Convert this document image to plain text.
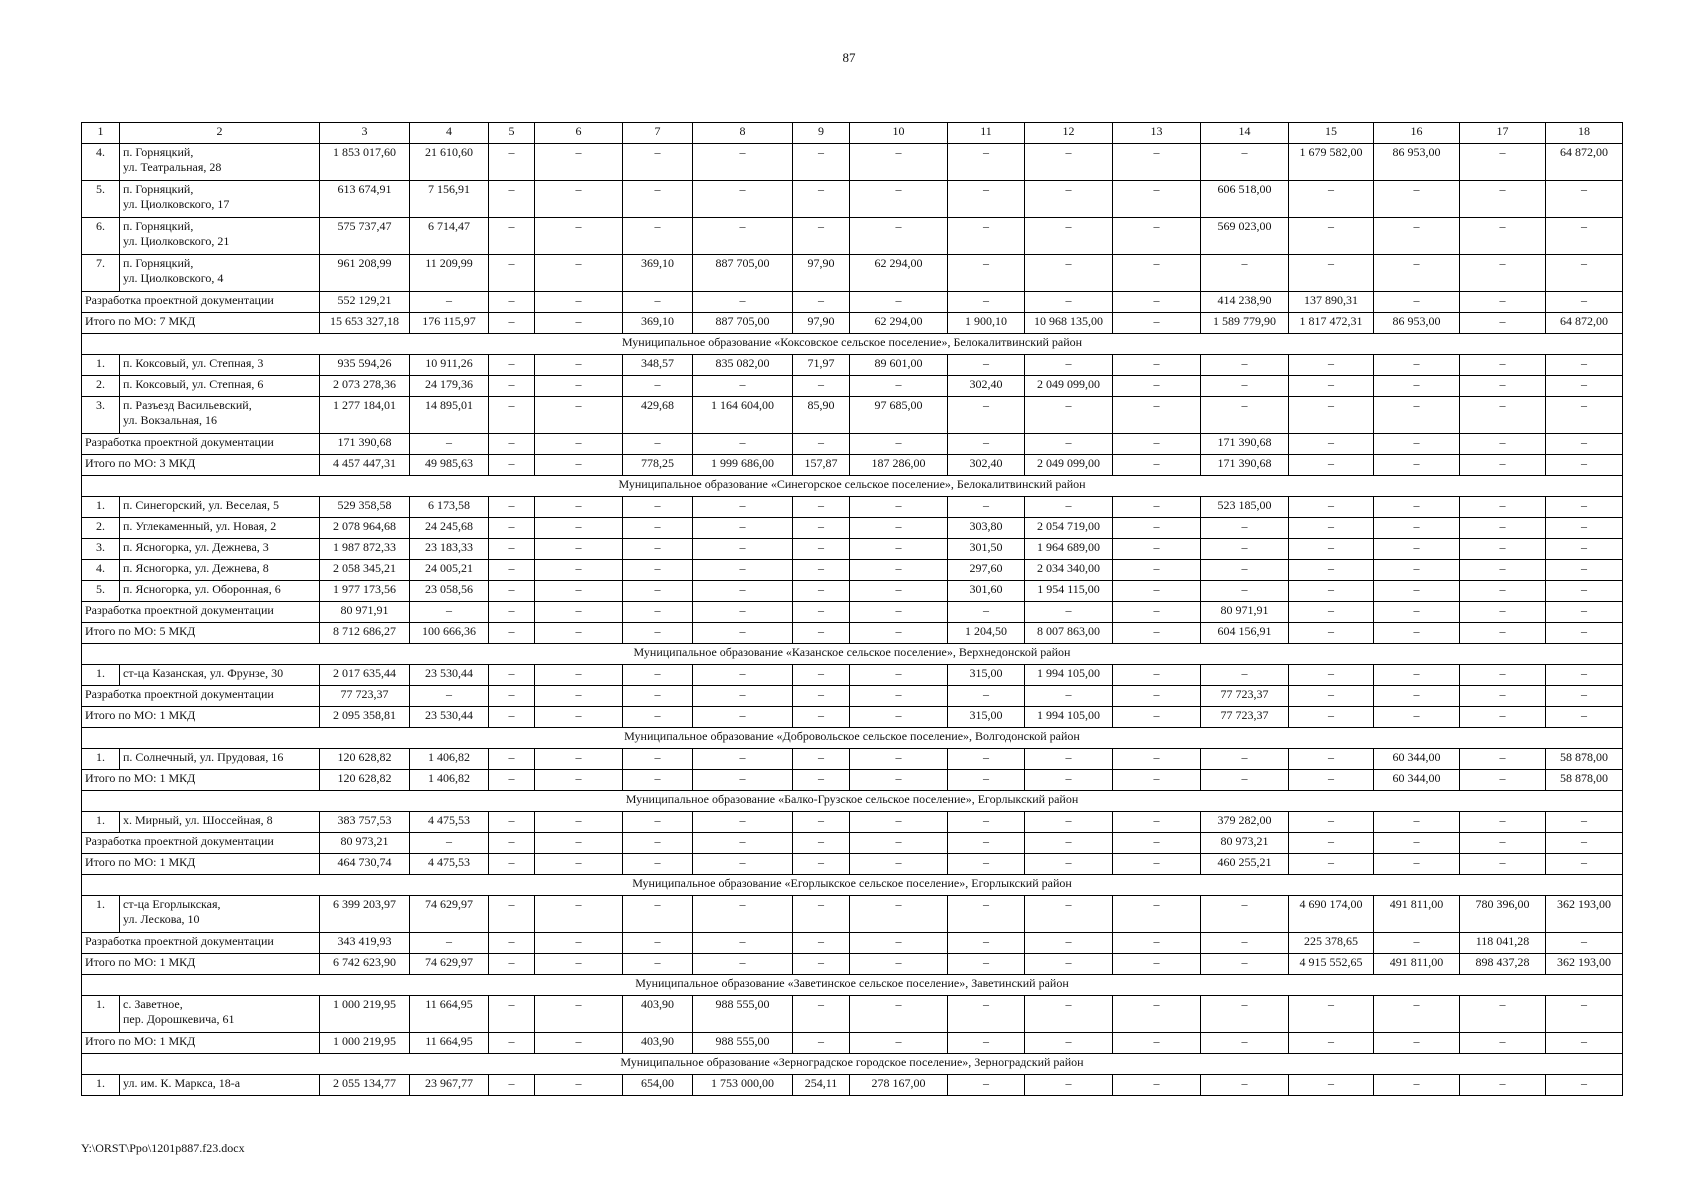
87
1	2	3	4	5	6	7	8	9	10	11	12	13	14	15	16	17	18
4.	п. Горняцкий,
ул. Театральная, 28	1 853 017,60	21 610,60	–	–	–	–	–	–	–	–	–	–	1 679 582,00	86 953,00	–	64 872,00
5.	п. Горняцкий,
ул. Циолковского, 17	613 674,91	7 156,91	–	–	–	–	–	–	–	–	–	606 518,00	–	–	–	–
6.	п. Горняцкий,
ул. Циолковского, 21	575 737,47	6 714,47	–	–	–	–	–	–	–	–	–	569 023,00	–	–	–	–
7.	п. Горняцкий,
ул. Циолковского, 4	961 208,99	11 209,99	–	–	369,10	887 705,00	97,90	62 294,00	–	–	–	–	–	–	–	–
Разработка проектной документации		552 129,21	–	–	–	–	–	–	–	–	–	–	414 238,90	137 890,31	–	–	–
Итого по МО: 7 МКД		15 653 327,18	176 115,97	–	–	369,10	887 705,00	97,90	62 294,00	1 900,10	10 968 135,00	–	1 589 779,90	1 817 472,31	86 953,00	–	64 872,00
Муниципальное образование «Коксовское сельское поселение», Белокалитвинский район																	
1.	п. Коксовый, ул. Степная, 3	935 594,26	10 911,26	–	–	348,57	835 082,00	71,97	89 601,00	–	–	–	–	–	–	–	–
2.	п. Коксовый, ул. Степная, 6	2 073 278,36	24 179,36	–	–	–	–	–	–	302,40	2 049 099,00	–	–	–	–	–	–
3.	п. Разъезд Васильевский,
ул. Вокзальная, 16	1 277 184,01	14 895,01	–	–	429,68	1 164 604,00	85,90	97 685,00	–	–	–	–	–	–	–	–
Разработка проектной документации		171 390,68	–	–	–	–	–	–	–	–	–	–	171 390,68	–	–	–	–
Итого по МО: 3 МКД		4 457 447,31	49 985,63	–	–	778,25	1 999 686,00	157,87	187 286,00	302,40	2 049 099,00	–	171 390,68	–	–	–	–
Муниципальное образование «Синегорское сельское поселение», Белокалитвинский район																	
1.	п. Синегорский, ул. Веселая, 5	529 358,58	6 173,58	–	–	–	–	–	–	–	–	–	523 185,00	–	–	–	–
2.	п. Углекаменный, ул. Новая, 2	2 078 964,68	24 245,68	–	–	–	–	–	–	303,80	2 054 719,00	–	–	–	–	–	–
3.	п. Ясногорка, ул. Дежнева, 3	1 987 872,33	23 183,33	–	–	–	–	–	–	301,50	1 964 689,00	–	–	–	–	–	–
4.	п. Ясногорка, ул. Дежнева, 8	2 058 345,21	24 005,21	–	–	–	–	–	–	297,60	2 034 340,00	–	–	–	–	–	–
5.	п. Ясногорка, ул. Оборонная, 6	1 977 173,56	23 058,56	–	–	–	–	–	–	301,60	1 954 115,00	–	–	–	–	–	–
Разработка проектной документации		80 971,91	–	–	–	–	–	–	–	–	–	–	80 971,91	–	–	–	–
Итого по МО: 5 МКД		8 712 686,27	100 666,36	–	–	–	–	–	–	1 204,50	8 007 863,00	–	604 156,91	–	–	–	–
Муниципальное образование «Казанское сельское поселение», Верхнедонской район																	
1.	ст-ца Казанская, ул. Фрунзе, 30	2 017 635,44	23 530,44	–	–	–	–	–	–	315,00	1 994 105,00	–	–	–	–	–	–
Разработка проектной документации		77 723,37	–	–	–	–	–	–	–	–	–	–	77 723,37	–	–	–	–
Итого по МО: 1 МКД		2 095 358,81	23 530,44	–	–	–	–	–	–	315,00	1 994 105,00	–	77 723,37	–	–	–	–
Муниципальное образование «Добровольское сельское поселение», Волгодонской район																	
1.	п. Солнечный, ул. Прудовая, 16	120 628,82	1 406,82	–	–	–	–	–	–	–	–	–	–	–	60 344,00	–	58 878,00
Итого по МО: 1 МКД		120 628,82	1 406,82	–	–	–	–	–	–	–	–	–	–	–	60 344,00	–	58 878,00
Муниципальное образование «Балко-Грузское сельское поселение», Егорлыкский район																	
1.	х. Мирный, ул. Шоссейная, 8	383 757,53	4 475,53	–	–	–	–	–	–	–	–	–	379 282,00	–	–	–	–
Разработка проектной документации		80 973,21	–	–	–	–	–	–	–	–	–	–	80 973,21	–	–	–	–
Итого по МО: 1 МКД		464 730,74	4 475,53	–	–	–	–	–	–	–	–	–	460 255,21	–	–	–	–
Муниципальное образование «Егорлыкское сельское поселение», Егорлыкский район																	
1.	ст-ца Егорлыкская,
ул. Лескова, 10	6 399 203,97	74 629,97	–	–	–	–	–	–	–	–	–	–	4 690 174,00	491 811,00	780 396,00	362 193,00
Разработка проектной документации		343 419,93	–	–	–	–	–	–	–	–	–	–	–	225 378,65	–	118 041,28	–
Итого по МО: 1 МКД		6 742 623,90	74 629,97	–	–	–	–	–	–	–	–	–	–	4 915 552,65	491 811,00	898 437,28	362 193,00
Муниципальное образование «Заветинское сельское поселение», Заветинский район																	
1.	с. Заветное,
пер. Дорошкевича, 61	1 000 219,95	11 664,95	–	–	403,90	988 555,00	–	–	–	–	–	–	–	–	–	–
Итого по МО: 1 МКД		1 000 219,95	11 664,95	–	–	403,90	988 555,00	–	–	–	–	–	–	–	–	–	–
Муниципальное образование «Зерноградское городское поселение», Зерноградский район																	
1.	ул. им. К. Маркса, 18-а	2 055 134,77	23 967,77	–	–	654,00	1 753 000,00	254,11	278 167,00	–	–	–	–	–	–	–	–
Y:\ORST\Ppo\1201p887.f23.docx
